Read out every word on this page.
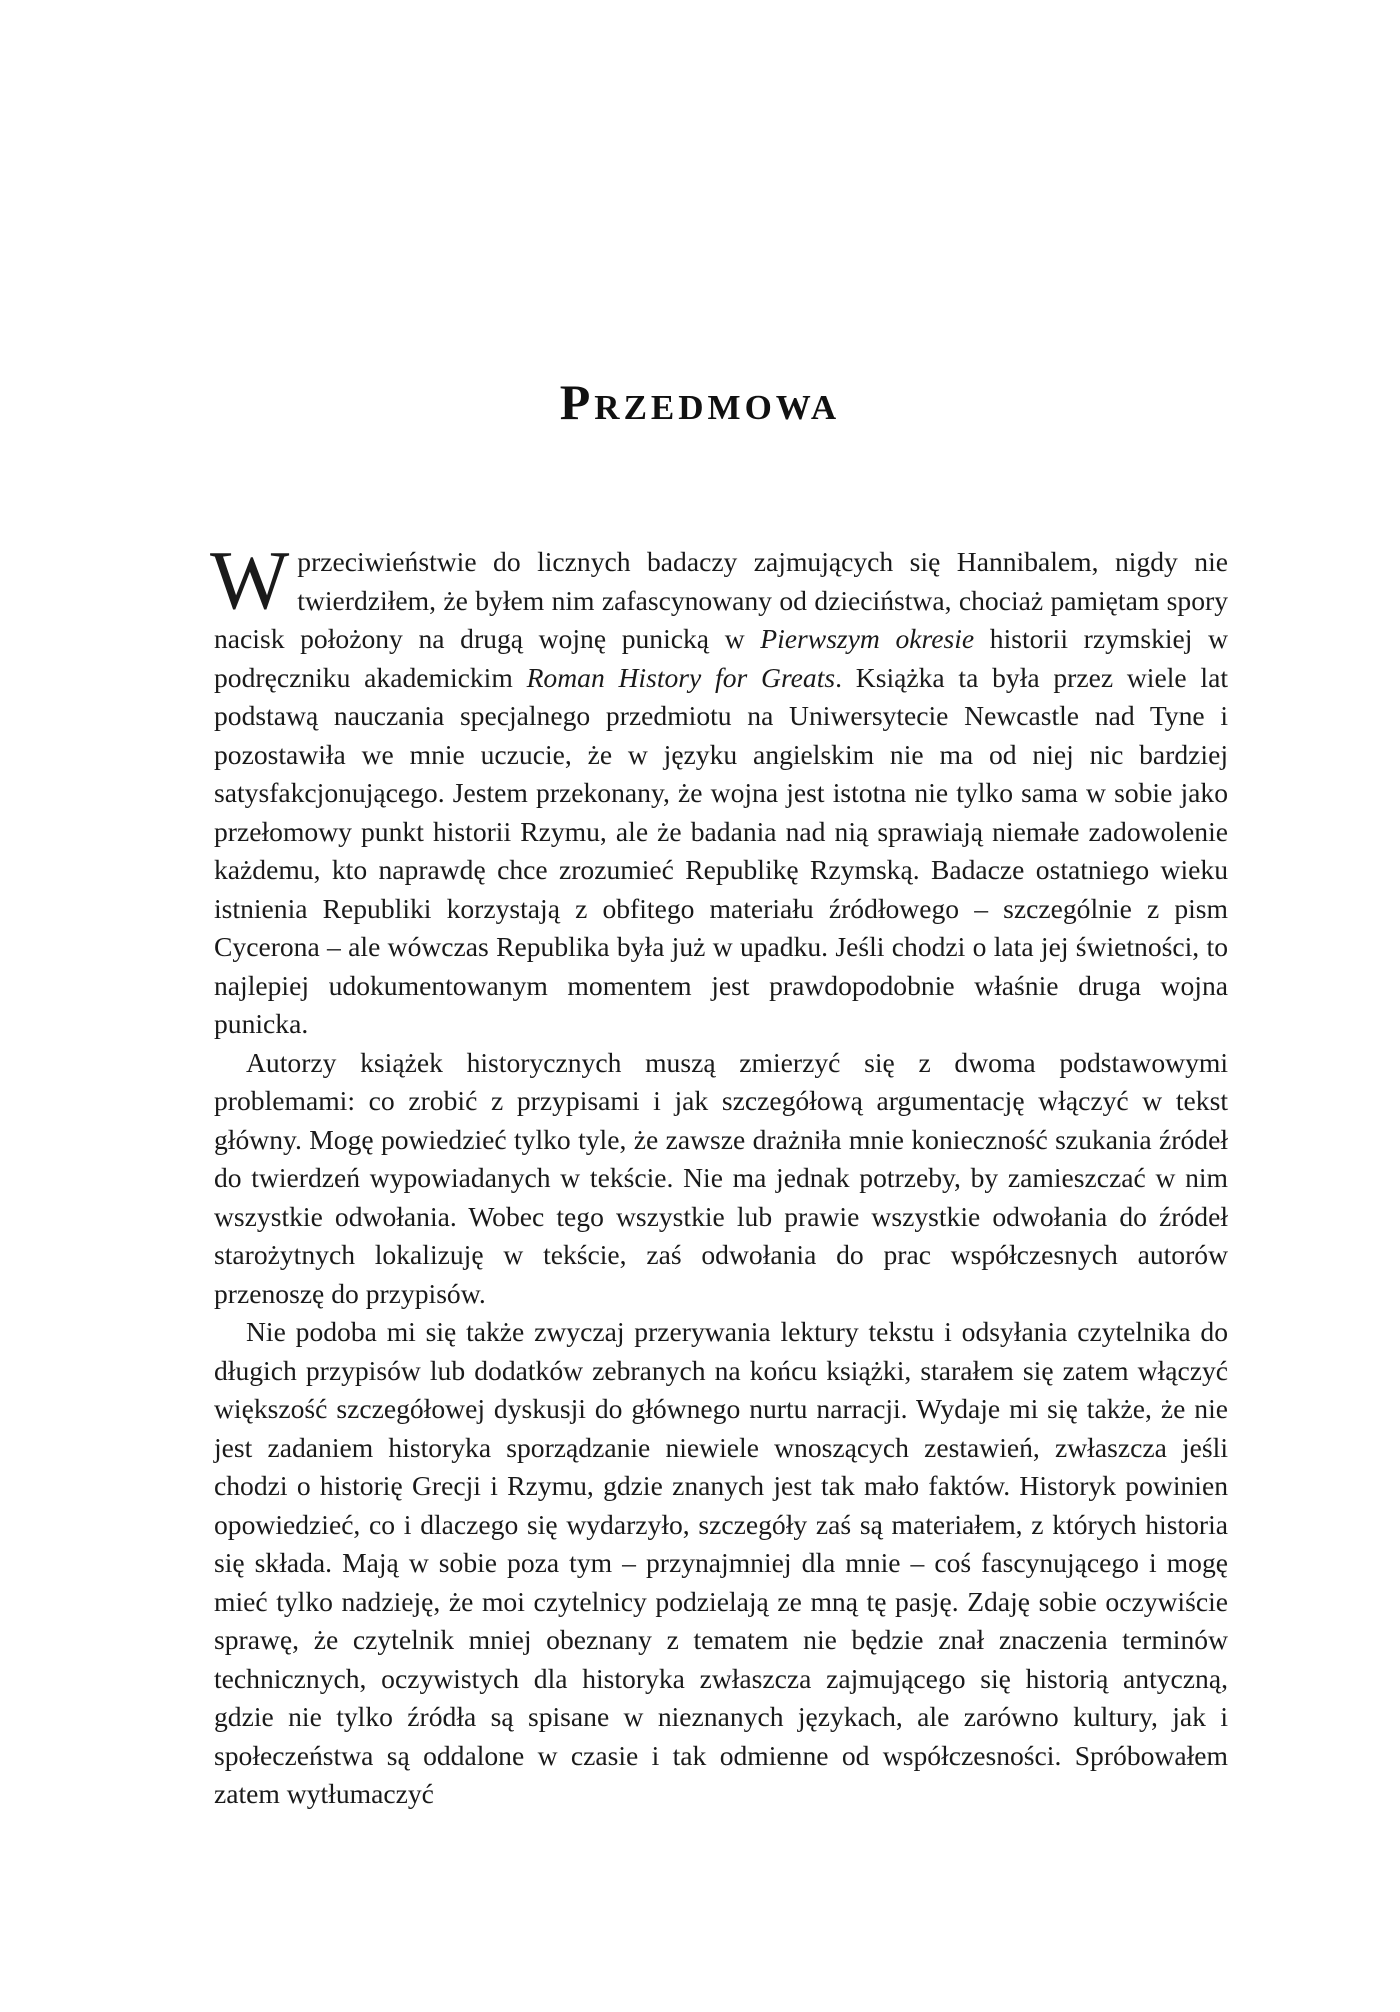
Przedmowa

Wprzeciwieństwie do licznych badaczy zajmujących się Hannibalem, nigdy nie twierdziłem, że byłem nim zafascynowany od dzieciństwa, chociaż pamiętam spory nacisk położony na drugą wojnę punicką w Pierwszym okresie historii rzymskiej w podręczniku akademickim Roman History for Greats. Książka ta była przez wiele lat podstawą nauczania specjalnego przedmiotu na Uniwersytecie Newcastle nad Tyne i pozostawiła we mnie uczucie, że w języku angielskim nie ma od niej nic bardziej satysfakcjonującego. Jestem przekonany, że wojna jest istotna nie tylko sama w sobie jako przełomowy punkt historii Rzymu, ale że badania nad nią sprawiają niemałe zadowolenie każdemu, kto naprawdę chce zrozumieć Republikę Rzymską. Badacze ostatniego wieku istnienia Republiki korzystają z obfitego materiału źródłowego – szczególnie z pism Cycerona – ale wówczas Republika była już w upadku. Jeśli chodzi o lata jej świetności, to najlepiej udokumentowanym momentem jest prawdopodobnie właśnie druga wojna punicka.

Autorzy książek historycznych muszą zmierzyć się z dwoma podstawowymi problemami: co zrobić z przypisami i jak szczegółową argumentację włączyć w tekst główny. Mogę powiedzieć tylko tyle, że zawsze drażniła mnie konieczność szukania źródeł do twierdzeń wypowiadanych w tekście. Nie ma jednak potrzeby, by zamieszczać w nim wszystkie odwołania. Wobec tego wszystkie lub prawie wszystkie odwołania do źródeł starożytnych lokalizuję w tekście, zaś odwołania do prac współczesnych autorów przenoszę do przypisów.

Nie podoba mi się także zwyczaj przerywania lektury tekstu i odsyłania czytelnika do długich przypisów lub dodatków zebranych na końcu książki, starałem się zatem włączyć większość szczegółowej dyskusji do głównego nurtu narracji. Wydaje mi się także, że nie jest zadaniem historyka sporządzanie niewiele wnoszących zestawień, zwłaszcza jeśli chodzi o historię Grecji i Rzymu, gdzie znanych jest tak mało faktów. Historyk powinien opowiedzieć, co i dlaczego się wydarzyło, szczegóły zaś są materiałem, z których historia się składa. Mają w sobie poza tym – przynajmniej dla mnie – coś fascynującego i mogę mieć tylko nadzieję, że moi czytelnicy podzielają ze mną tę pasję. Zdaję sobie oczywiście sprawę, że czytelnik mniej obeznany z tematem nie będzie znał znaczenia terminów technicznych, oczywistych dla historyka zwłaszcza zajmującego się historią antyczną, gdzie nie tylko źródła są spisane w nieznanych językach, ale zarówno kultury, jak i społeczeństwa są oddalone w czasie i tak odmienne od współczesności. Spróbowałem zatem wytłumaczyć
